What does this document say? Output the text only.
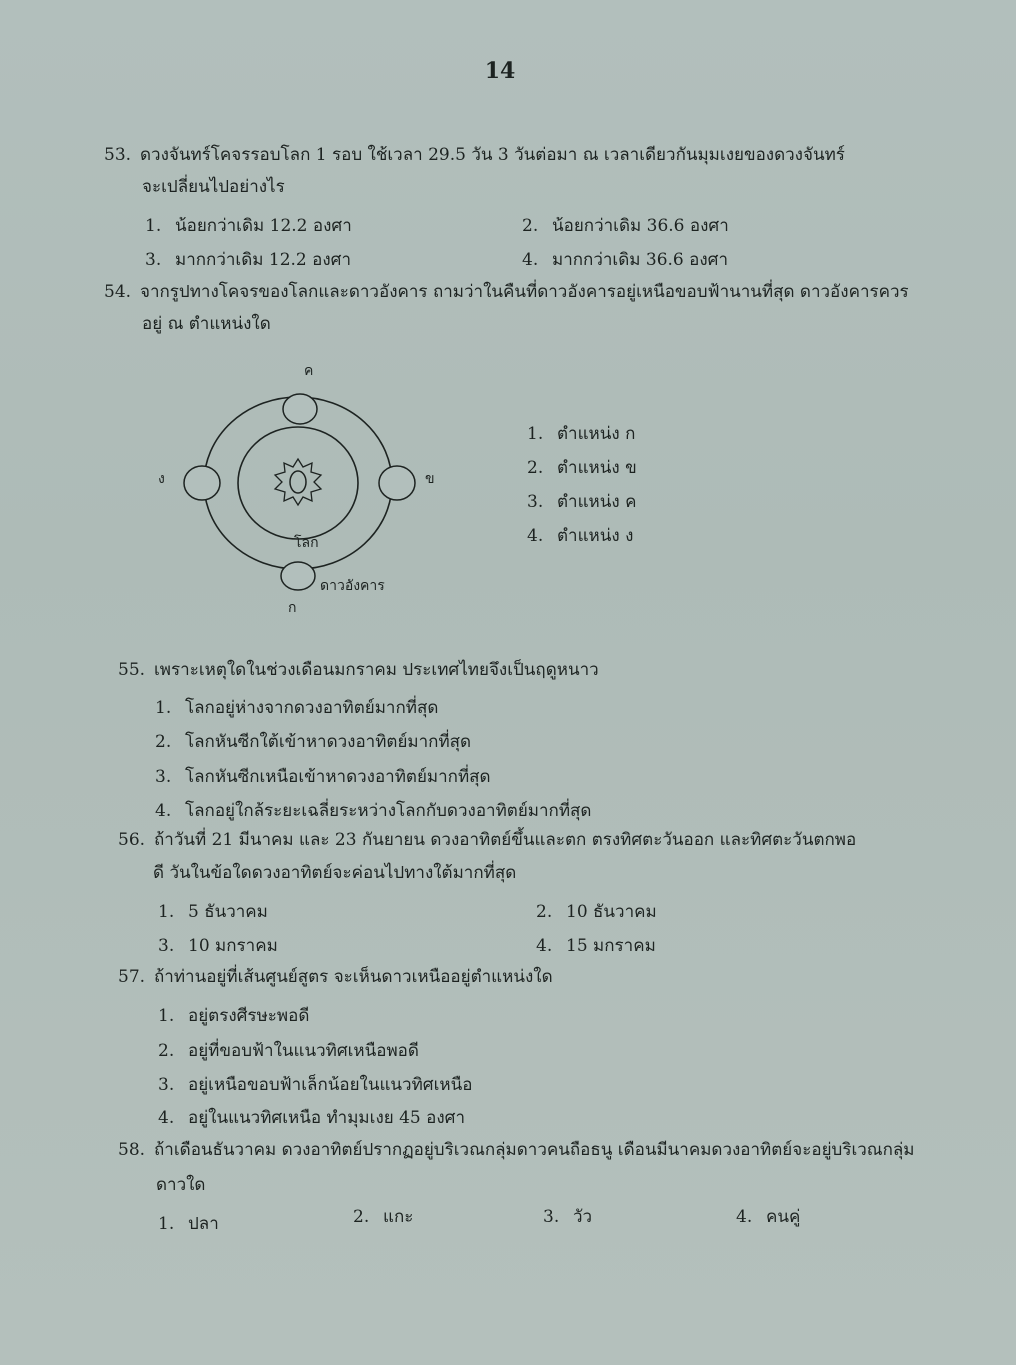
14
53. ดวงจันทร์โคจรรอบโลก 1 รอบ ใช้เวลา 29.5 วัน 3 วันต่อมา ณ เวลาเดียวกันมุมเงยของดวงจันทร์
จะเปลี่ยนไปอย่างไร
1. น้อยกว่าเดิม 12.2 องศา	2. น้อยกว่าเดิม 36.6 องศา
3. มากกว่าเดิม 12.2 องศา	4. มากกว่าเดิม 36.6 องศา
54. จากรูปทางโคจรของโลกและดาวอังคาร ถามว่าในคืนที่ดาวอังคารอยู่เหนือขอบฟ้านานที่สุด ดาวอังคารควร
อยู่ ณ ตำแหน่งใด
ค
ข
ง
ก
โลก
ดาวอังคาร
1. ตำแหน่ง ก
2. ตำแหน่ง ข
3. ตำแหน่ง ค
4. ตำแหน่ง ง
55. เพราะเหตุใดในช่วงเดือนมกราคม ประเทศไทยจึงเป็นฤดูหนาว
1. โลกอยู่ห่างจากดวงอาทิตย์มากที่สุด
2. โลกหันซีกใต้เข้าหาดวงอาทิตย์มากที่สุด
3. โลกหันซีกเหนือเข้าหาดวงอาทิตย์มากที่สุด
4. โลกอยู่ใกล้ระยะเฉลี่ยระหว่างโลกกับดวงอาทิตย์มากที่สุด
56. ถ้าวันที่ 21 มีนาคม และ 23 กันยายน ดวงอาทิตย์ขึ้นและตก ตรงทิศตะวันออก และทิศตะวันตกพอ
ดี วันในข้อใดดวงอาทิตย์จะค่อนไปทางใต้มากที่สุด
1. 5 ธันวาคม	2. 10 ธันวาคม
3. 10 มกราคม	4. 15 มกราคม
57. ถ้าท่านอยู่ที่เส้นศูนย์สูตร จะเห็นดาวเหนืออยู่ตำแหน่งใด
1. อยู่ตรงศีรษะพอดี
2. อยู่ที่ขอบฟ้าในแนวทิศเหนือพอดี
3. อยู่เหนือขอบฟ้าเล็กน้อยในแนวทิศเหนือ
4. อยู่ในแนวทิศเหนือ ทำมุมเงย 45 องศา
58. ถ้าเดือนธันวาคม ดวงอาทิตย์ปรากฏอยู่บริเวณกลุ่มดาวคนถือธนู เดือนมีนาคมดวงอาทิตย์จะอยู่บริเวณกลุ่ม
ดาวใด
1. ปลา	2. แกะ	3. วัว	4. คนคู่
